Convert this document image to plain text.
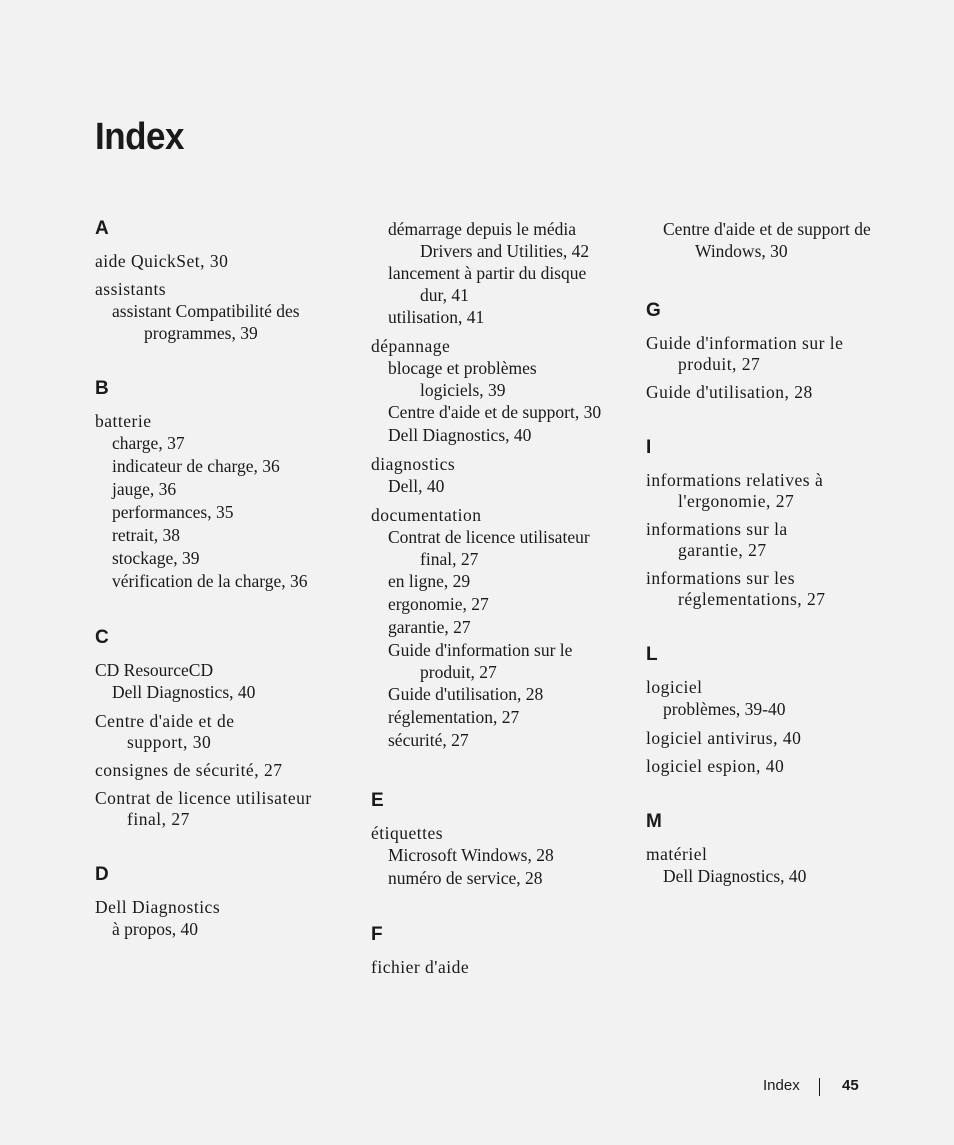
Index
A
aide QuickSet, 30
assistants
assistant Compatibilité des
programmes, 39
B
batterie
charge, 37
indicateur de charge, 36
jauge, 36
performances, 35
retrait, 38
stockage, 39
vérification de la charge, 36
C
CD ResourceCD
Dell Diagnostics, 40
Centre d'aide et de
support, 30
consignes de sécurité, 27
Contrat de licence utilisateur
final, 27
D
Dell Diagnostics
à propos, 40
démarrage depuis le média
Drivers and Utilities, 42
lancement à partir du disque
dur, 41
utilisation, 41
dépannage
blocage et problèmes
logiciels, 39
Centre d'aide et de support, 30
Dell Diagnostics, 40
diagnostics
Dell, 40
documentation
Contrat de licence utilisateur
final, 27
en ligne, 29
ergonomie, 27
garantie, 27
Guide d'information sur le
produit, 27
Guide d'utilisation, 28
réglementation, 27
sécurité, 27
E
étiquettes
Microsoft Windows, 28
numéro de service, 28
F
fichier d'aide
Centre d'aide et de support de
Windows, 30
G
Guide d'information sur le
produit, 27
Guide d'utilisation, 28
I
informations relatives à
l'ergonomie, 27
informations sur la
garantie, 27
informations sur les
réglementations, 27
L
logiciel
problèmes, 39-40
logiciel antivirus, 40
logiciel espion, 40
M
matériel
Dell Diagnostics, 40
Index	45
